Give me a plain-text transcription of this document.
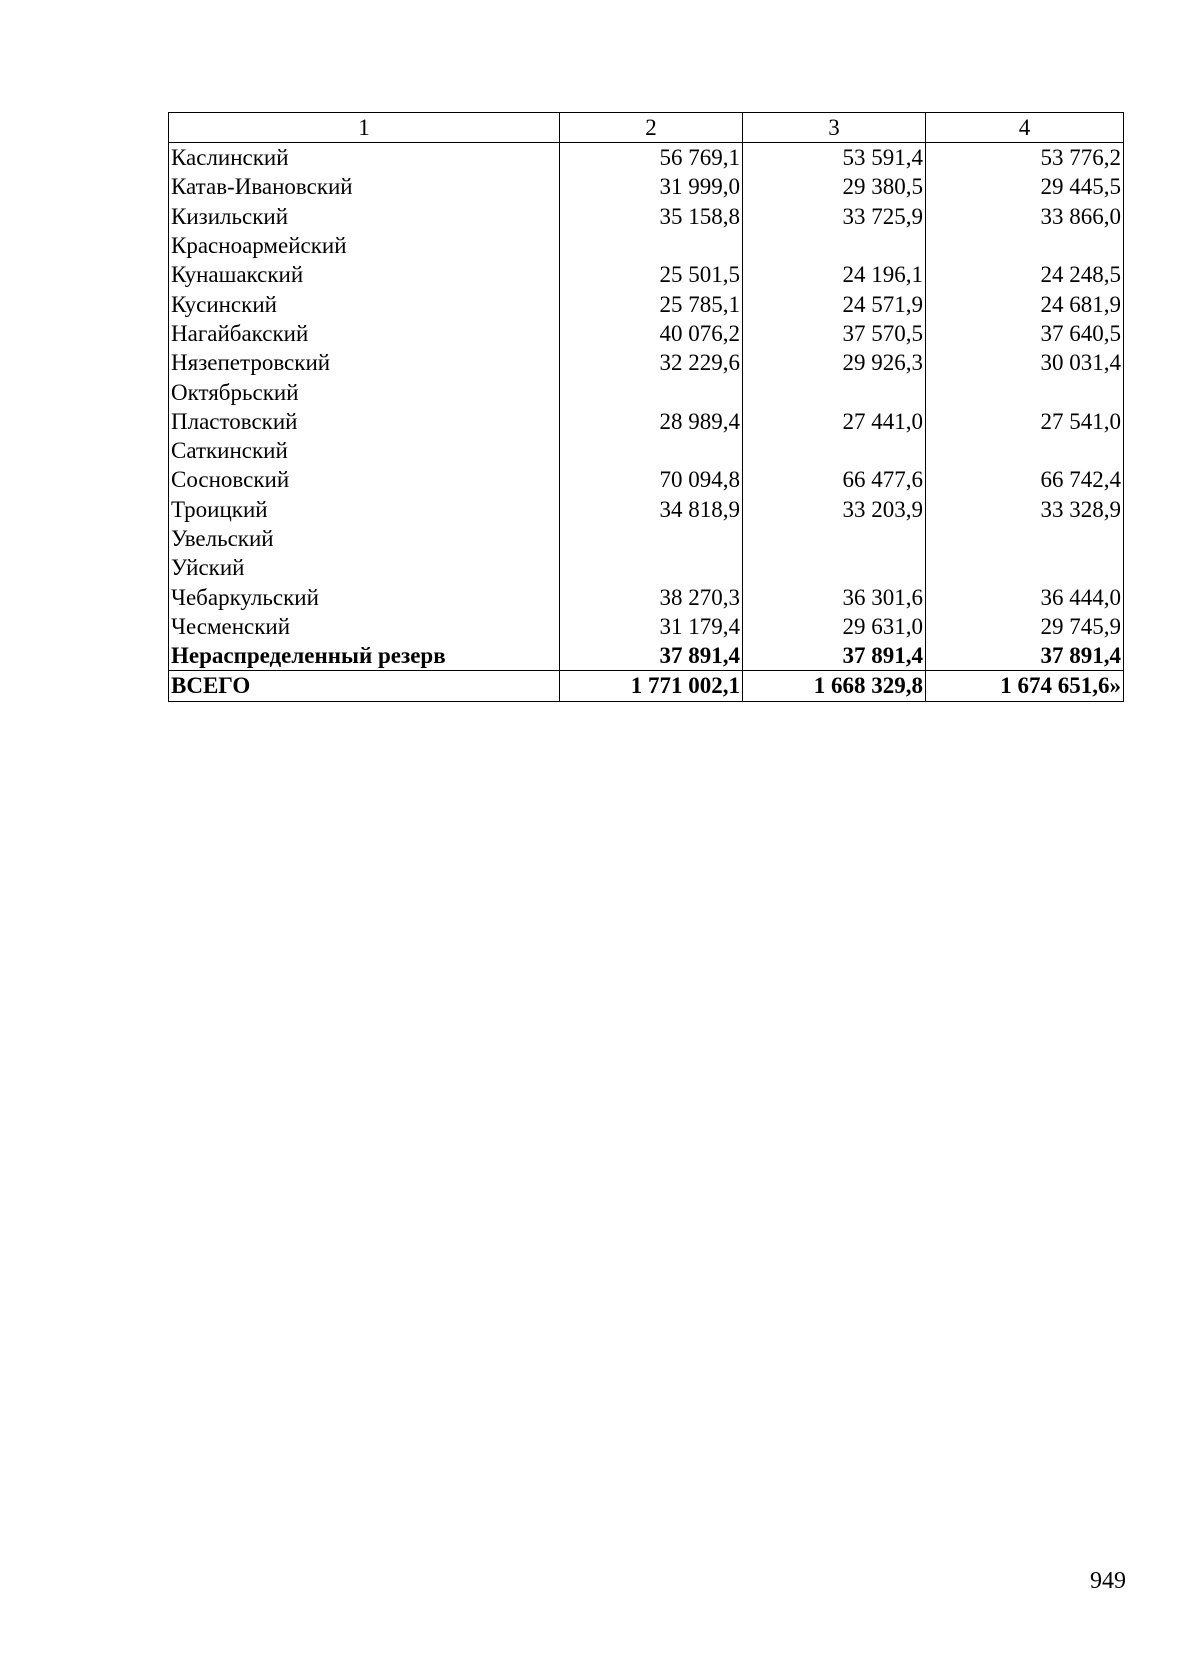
1	2	3	4
Каслинский	56 769,1	53 591,4	53 776,2
Катав-Ивановский	31 999,0	29 380,5	29 445,5
Кизильский	35 158,8	33 725,9	33 866,0
Красноармейский			
Кунашакский	25 501,5	24 196,1	24 248,5
Кусинский	25 785,1	24 571,9	24 681,9
Нагайбакский	40 076,2	37 570,5	37 640,5
Нязепетровский	32 229,6	29 926,3	30 031,4
Октябрьский			
Пластовский	28 989,4	27 441,0	27 541,0
Саткинский			
Сосновский	70 094,8	66 477,6	66 742,4
Троицкий	34 818,9	33 203,9	33 328,9
Увельский			
Уйский			
Чебаркульский	38 270,3	36 301,6	36 444,0
Чесменский	31 179,4	29 631,0	29 745,9
Нераспределенный резерв	37 891,4	37 891,4	37 891,4
ВСЕГО	1 771 002,1	1 668 329,8	1 674 651,6»
949
